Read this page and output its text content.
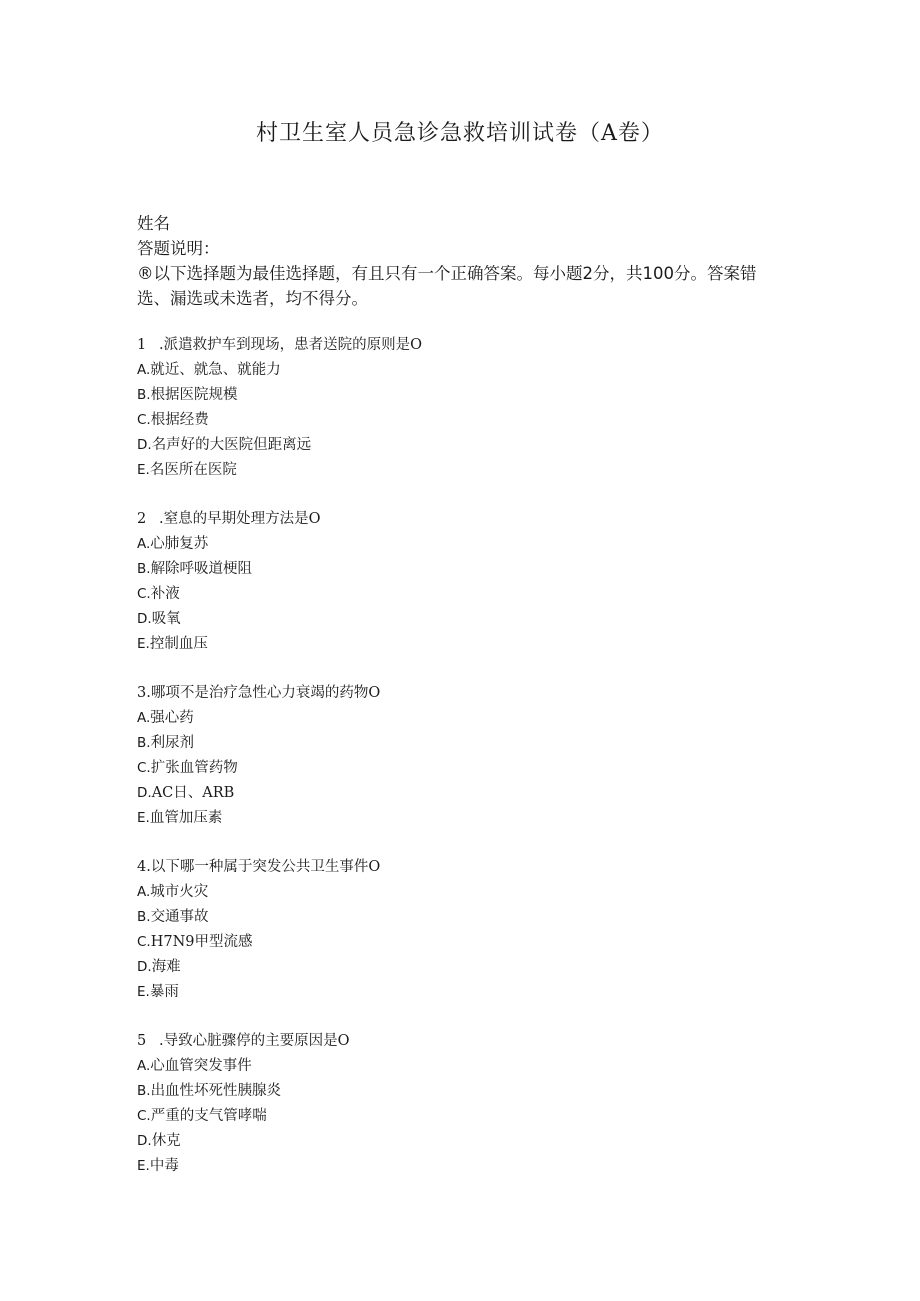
村卫生室人员急诊急救培训试卷（A卷）
姓名
答题说明：
®以下选择题为最佳选择题，有且只有一个正确答案。每小题2分，共100分。答案错
选、漏选或未选者，均不得分。
1 .派遣救护车到现场，患者送院的原则是O
A.就近、就急、就能力
B.根据医院规模
C.根据经费
D.名声好的大医院但距离远
E.名医所在医院
2 .窒息的早期处理方法是O
A.心肺复苏
B.解除呼吸道梗阻
C.补液
D.吸氧
E.控制血压
3.哪项不是治疗急性心力衰竭的药物O
A.强心药
B.利尿剂
C.扩张血管药物
D.AC日、ARB
E.血管加压素
4.以下哪一种属于突发公共卫生事件O
A.城市火灾
B.交通事故
C.H7N9甲型流感
D.海难
E.暴雨
5 .导致心脏骤停的主要原因是O
A.心血管突发事件
B.出血性坏死性胰腺炎
C.严重的支气管哮喘
D.休克
E.中毒
